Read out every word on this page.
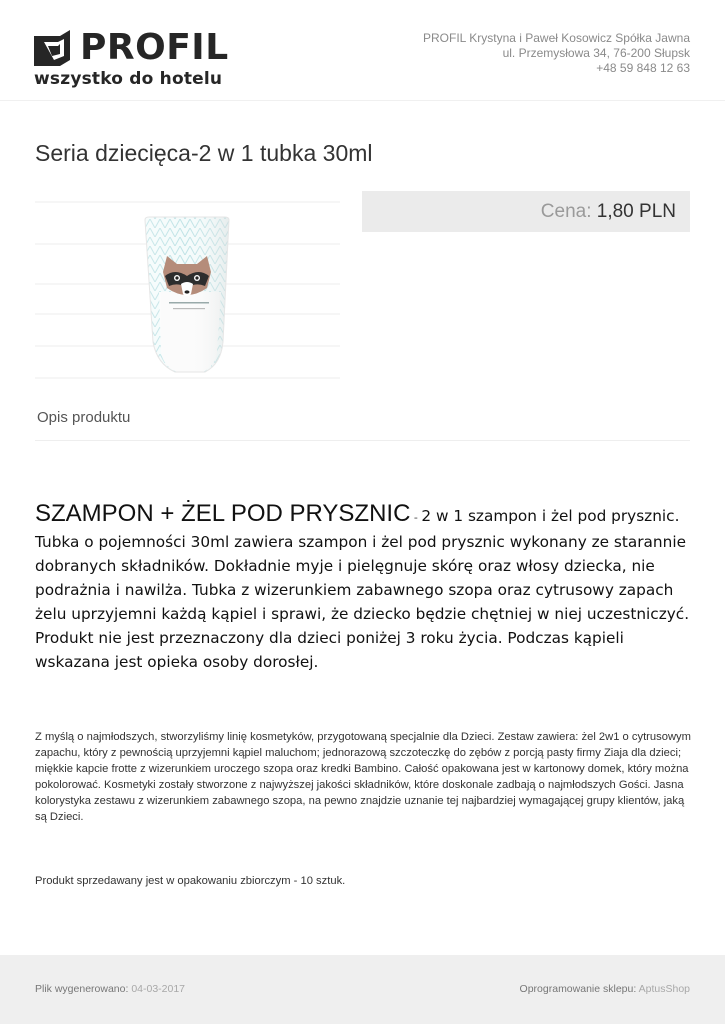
PROFIL
wszystko do hotelu
PROFIL Krystyna i Paweł Kosowicz Spółka Jawna
ul. Przemysłowa 34, 76-200 Słupsk
+48 59 848 12 63
Seria dziecięca-2 w 1 tubka 30ml
Cena: 1,80 PLN
Opis produktu
SZAMPON + ŻEL POD PRYSZNIC - 2 w 1 szampon i żel pod prysznic. Tubka o pojemności 30ml zawiera szampon i żel pod prysznic wykonany ze starannie dobranych składników. Dokładnie myje i pielęgnuje skórę oraz włosy dziecka, nie podrażnia i nawilża. Tubka z wizerunkiem zabawnego szopa oraz cytrusowy zapach żelu uprzyjemni każdą kąpiel i sprawi, że dziecko będzie chętniej w niej uczestniczyć. Produkt nie jest przeznaczony dla dzieci poniżej 3 roku życia. Podczas kąpieli wskazana jest opieka osoby dorosłej.
Z myślą o najmłodszych, stworzyliśmy linię kosmetyków, przygotowaną specjalnie dla Dzieci. Zestaw zawiera: żel 2w1 o cytrusowym zapachu, który z pewnością uprzyjemni kąpiel maluchom; jednorazową szczoteczkę do zębów z porcją pasty firmy Ziaja dla dzieci; miękkie kapcie frotte z wizerunkiem uroczego szopa oraz kredki Bambino. Całość opakowana jest w kartonowy domek, który można pokolorować. Kosmetyki zostały stworzone z najwyższej jakości składników, które doskonale zadbają o najmłodszych Gości. Jasna kolorystyka zestawu z wizerunkiem zabawnego szopa, na pewno znajdzie uznanie tej najbardziej wymagającej grupy klientów, jaką są Dzieci.
Produkt sprzedawany jest w opakowaniu zbiorczym - 10 sztuk.
Plik wygenerowano: 04-03-2017	Oprogramowanie sklepu: AptusShop
